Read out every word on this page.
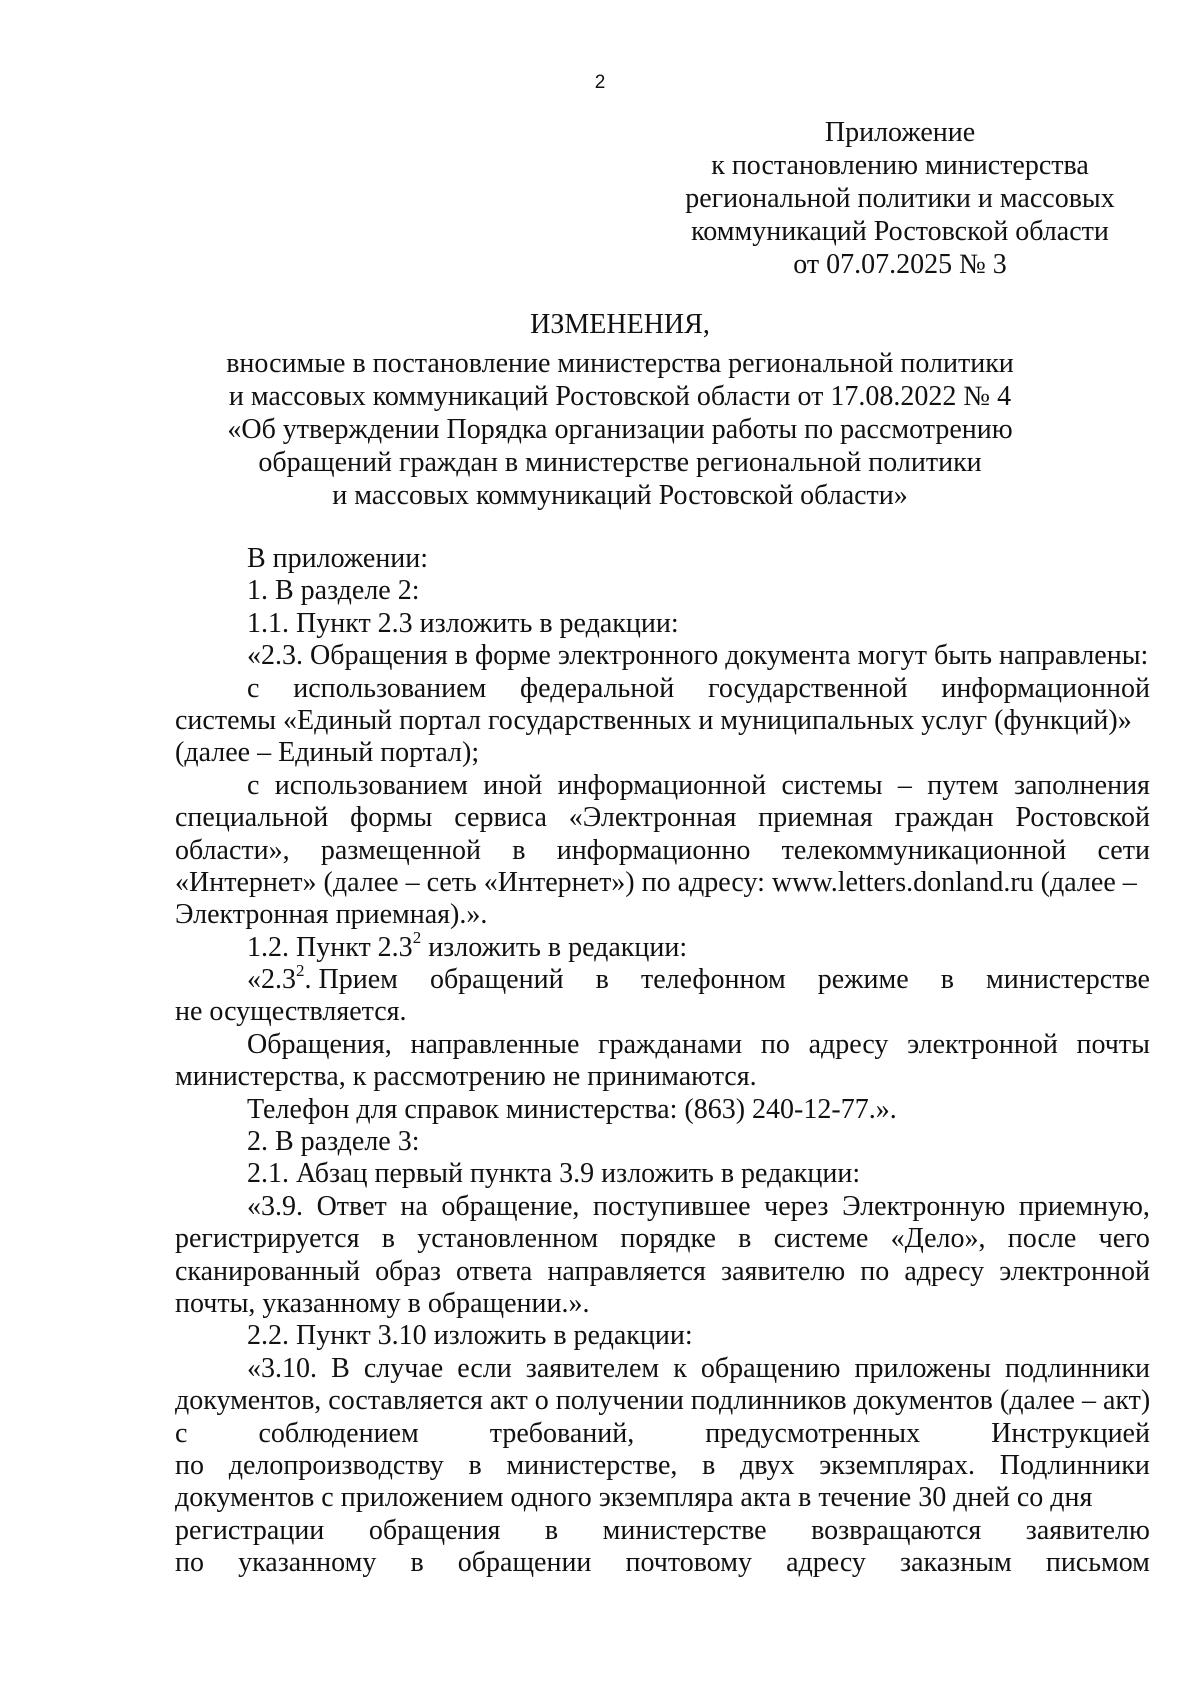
2
Приложение
к постановлению министерства
региональной политики и массовых
коммуникаций Ростовской области
от 07.07.2025 № 3
ИЗМЕНЕНИЯ,
вносимые в постановление министерства региональной политики
и массовых коммуникаций Ростовской области от 17.08.2022 № 4
«Об утверждении Порядка организации работы по рассмотрению
обращений граждан в министерстве региональной политики
и массовых коммуникаций Ростовской области»
В приложении:
1. В разделе 2:
1.1. Пункт 2.3 изложить в редакции:
«2.3. Обращения в форме электронного документа могут быть направлены:
с использованием федеральной государственной информационной
системы «Единый портал государственных и муниципальных услуг (функций)»
(далее – Единый портал);
с использованием иной информационной системы – путем заполнения
специальной формы сервиса «Электронная приемная граждан Ростовской
области», размещенной в информационно телекоммуникационной сети
«Интернет» (далее – сеть «Интернет») по адресу: www.letters.donland.ru (далее –
Электронная приемная).».
1.2. Пункт $2.3^2$ изложить в редакции:
«$2.3^2$. Прием обращений в телефонном режиме в министерстве
не осуществляется.
Обращения, направленные гражданами по адресу электронной почты
министерства, к рассмотрению не принимаются.
Телефон для справок министерства: (863) 240-12-77.».
2. В разделе 3:
2.1. Абзац первый пункта 3.9 изложить в редакции:
«3.9. Ответ на обращение, поступившее через Электронную приемную,
регистрируется в установленном порядке в системе «Дело», после чего
сканированный образ ответа направляется заявителю по адресу электронной
почты, указанному в обращении.».
2.2. Пункт 3.10 изложить в редакции:
«3.10. В случае если заявителем к обращению приложены подлинники
документов, составляется акт о получении подлинников документов (далее – акт)
с	соблюдением	требований,	предусмотренных	Инструкцией
по делопроизводству в министерстве, в двух экземплярах. Подлинники
документов с приложением одного экземпляра акта в течение 30 дней со дня
регистрации обращения в министерстве возвращаются заявителю
по указанному в обращении почтовому адресу заказным письмом
